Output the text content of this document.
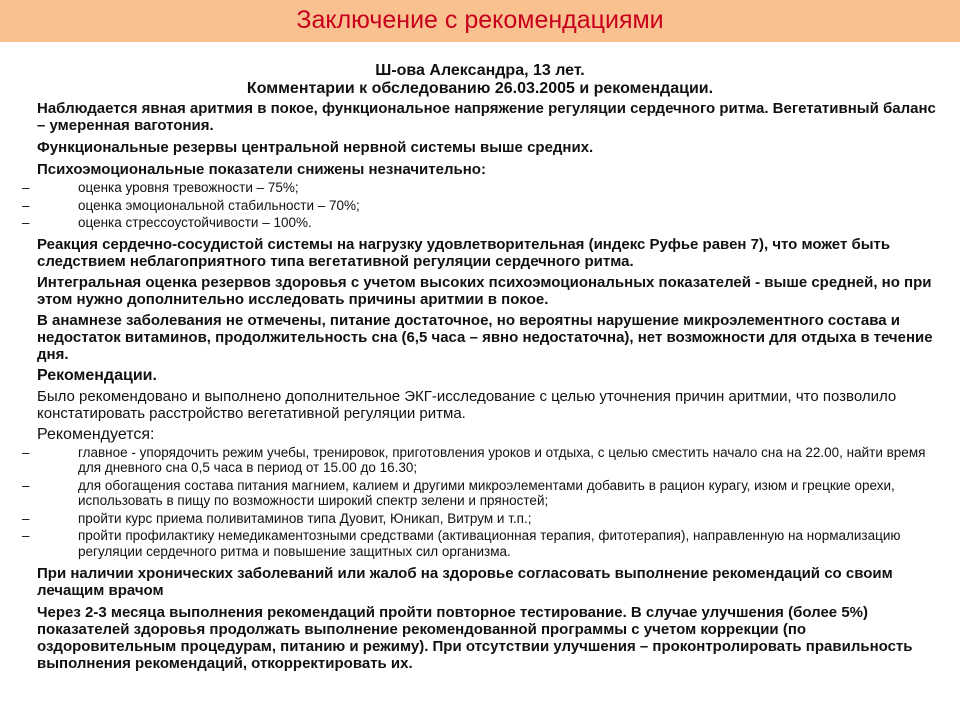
Заключение с рекомендациями
Ш-ова Александра, 13 лет.
Комментарии к обследованию 26.03.2005 и рекомендации.
Наблюдается явная аритмия в покое, функциональное напряжение регуляции сердечного ритма. Вегетативный баланс – умеренная ваготония.
Функциональные резервы центральной нервной системы выше средних.
Психоэмоциональные показатели снижены незначительно:
–	оценка уровня тревожности – 75%;
–	оценка эмоциональной стабильности – 70%;
–	оценка стрессоустойчивости – 100%.
Реакция сердечно-сосудистой системы на нагрузку удовлетворительная (индекс Руфье равен 7), что может быть следствием неблагоприятного типа вегетативной регуляции сердечного ритма.
Интегральная оценка резервов здоровья с учетом высоких психоэмоциональных показателей - выше средней, но при этом нужно дополнительно исследовать причины аритмии в покое.
В анамнезе заболевания не отмечены, питание достаточное, но вероятны нарушение микроэлементного состава и недостаток витаминов, продолжительность сна (6,5 часа – явно недостаточна), нет возможности для отдыха в течение дня.
Рекомендации.
Было рекомендовано и выполнено дополнительное ЭКГ-исследование с целью уточнения причин аритмии, что позволило констатировать расстройство вегетативной регуляции ритма.
Рекомендуется:
–	главное - упорядочить режим учебы, тренировок, приготовления уроков и отдыха, с целью сместить начало сна на 22.00, найти время для дневного сна 0,5 часа в период от 15.00 до 16.30;
–	для обогащения состава питания магнием, калием и другими микроэлементами добавить в рацион курагу, изюм и грецкие орехи, использовать в пищу по возможности широкий спектр зелени и пряностей;
–	пройти курс приема поливитаминов типа Дуовит, Юникап, Витрум и т.п.;
–	пройти профилактику немедикаментозными средствами (активационная терапия, фитотерапия), направленную на нормализацию регуляции сердечного ритма и повышение защитных сил организма.
При наличии хронических заболеваний или жалоб на здоровье согласовать выполнение рекомендаций со своим лечащим врачом
Через 2-3 месяца выполнения рекомендаций пройти повторное тестирование. В случае улучшения (более 5%) показателей здоровья продолжать выполнение рекомендованной программы с учетом коррекции (по оздоровительным процедурам, питанию и режиму). При отсутствии улучшения – проконтролировать правильность выполнения рекомендаций, откорректировать их.
